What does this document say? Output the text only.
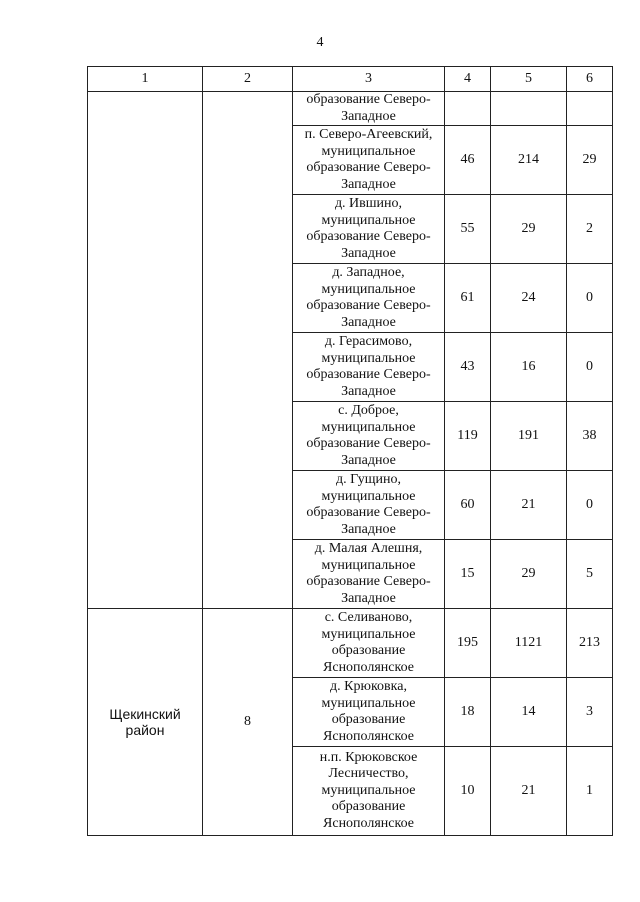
4
1	2	3	4	5	6
		образование Северо-Западное			
		п. Северо-Агеевский, муниципальное образование Северо-Западное	46	214	29
		д. Ившино, муниципальное образование Северо-Западное	55	29	2
		д. Западное, муниципальное образование Северо-Западное	61	24	0
		д. Герасимово, муниципальное образование Северо-Западное	43	16	0
		с. Доброе, муниципальное образование Северо-Западное	119	191	38
		д. Гущино, муниципальное образование Северо-Западное	60	21	0
		д. Малая Алешня, муниципальное образование Северо-Западное	15	29	5
Щекинский район	8	с. Селиваново, муниципальное образование Яснополянское	195	1121	213
		д. Крюковка, муниципальное образование Яснополянское	18	14	3
		н.п. Крюковское Лесничество, муниципальное образование Яснополянское	10	21	1
